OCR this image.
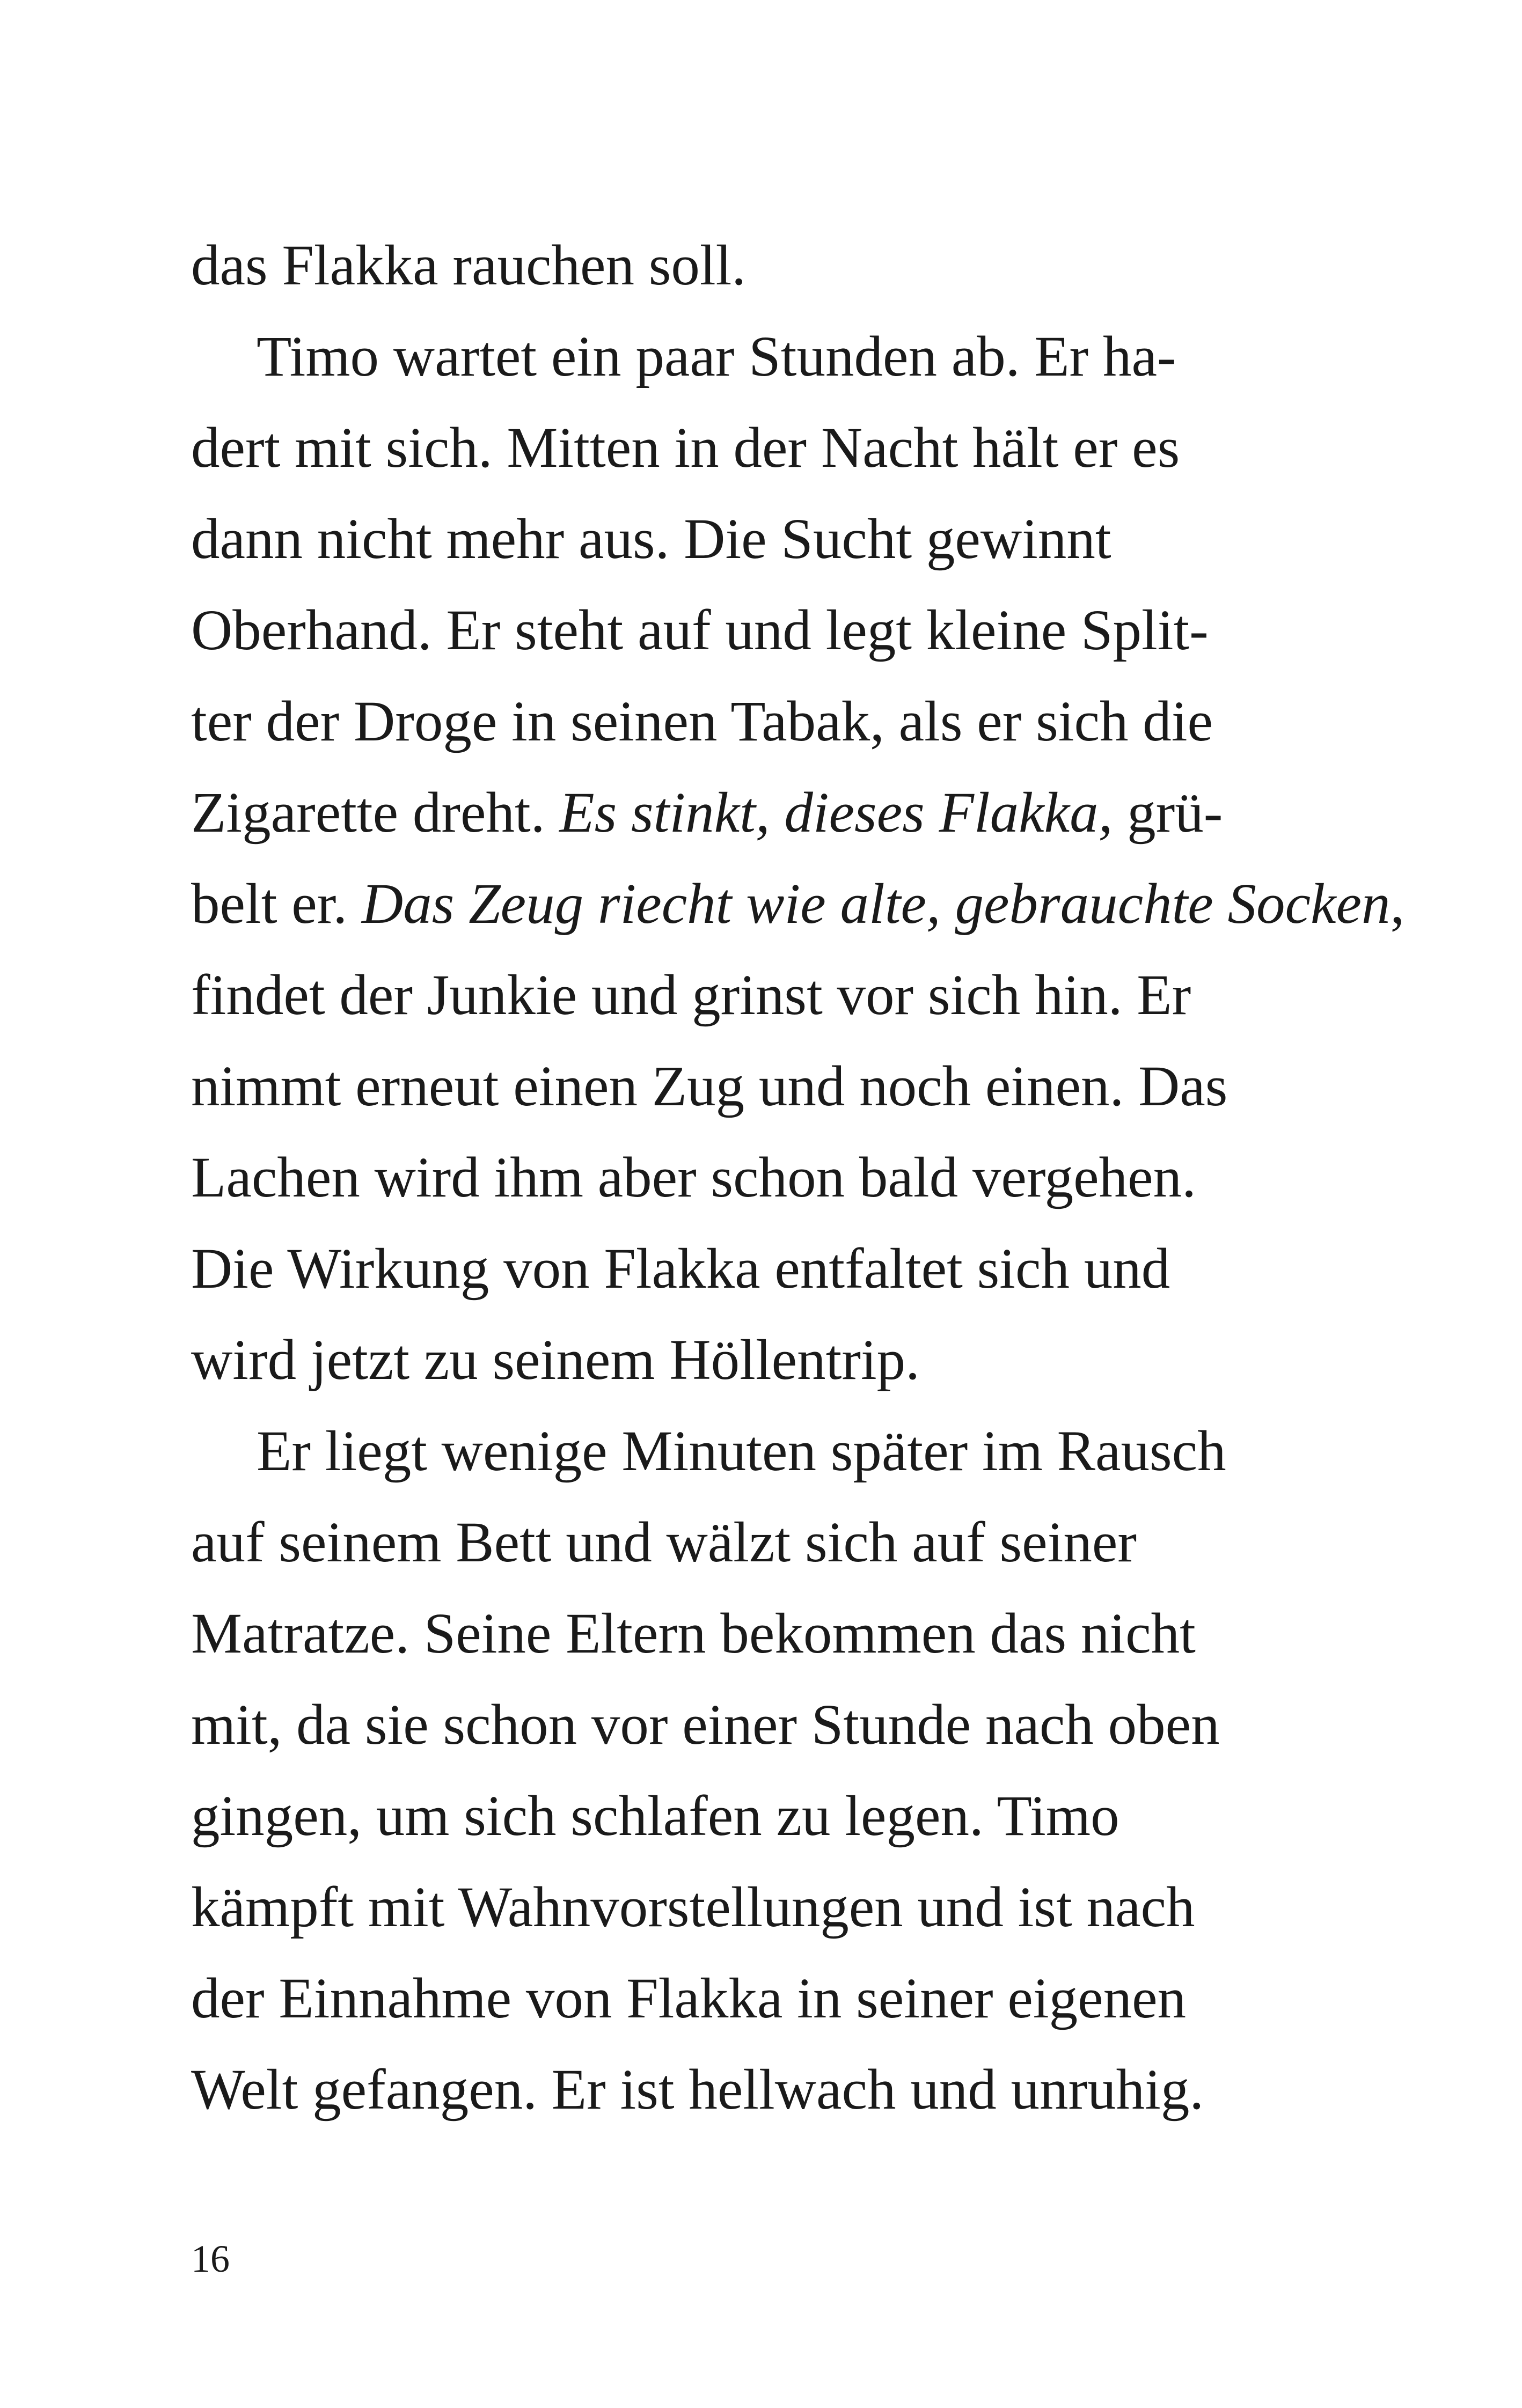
das Flakka rauchen soll.
Timo wartet ein paar Stunden ab. Er ha-
dert mit sich. Mitten in der Nacht hält er es
dann nicht mehr aus. Die Sucht gewinnt
Oberhand. Er steht auf und legt kleine Split-
ter der Droge in seinen Tabak, als er sich die
Zigarette dreht. Es stinkt, dieses Flakka, grü-
belt er. Das Zeug riecht wie alte, gebrauchte Socken,
findet der Junkie und grinst vor sich hin. Er
nimmt erneut einen Zug und noch einen. Das
Lachen wird ihm aber schon bald vergehen.
Die Wirkung von Flakka entfaltet sich und
wird jetzt zu seinem Höllentrip.
Er liegt wenige Minuten später im Rausch
auf seinem Bett und wälzt sich auf seiner
Matratze. Seine Eltern bekommen das nicht
mit, da sie schon vor einer Stunde nach oben
gingen, um sich schlafen zu legen. Timo
kämpft mit Wahnvorstellungen und ist nach
der Einnahme von Flakka in seiner eigenen
Welt gefangen. Er ist hellwach und unruhig.
16
